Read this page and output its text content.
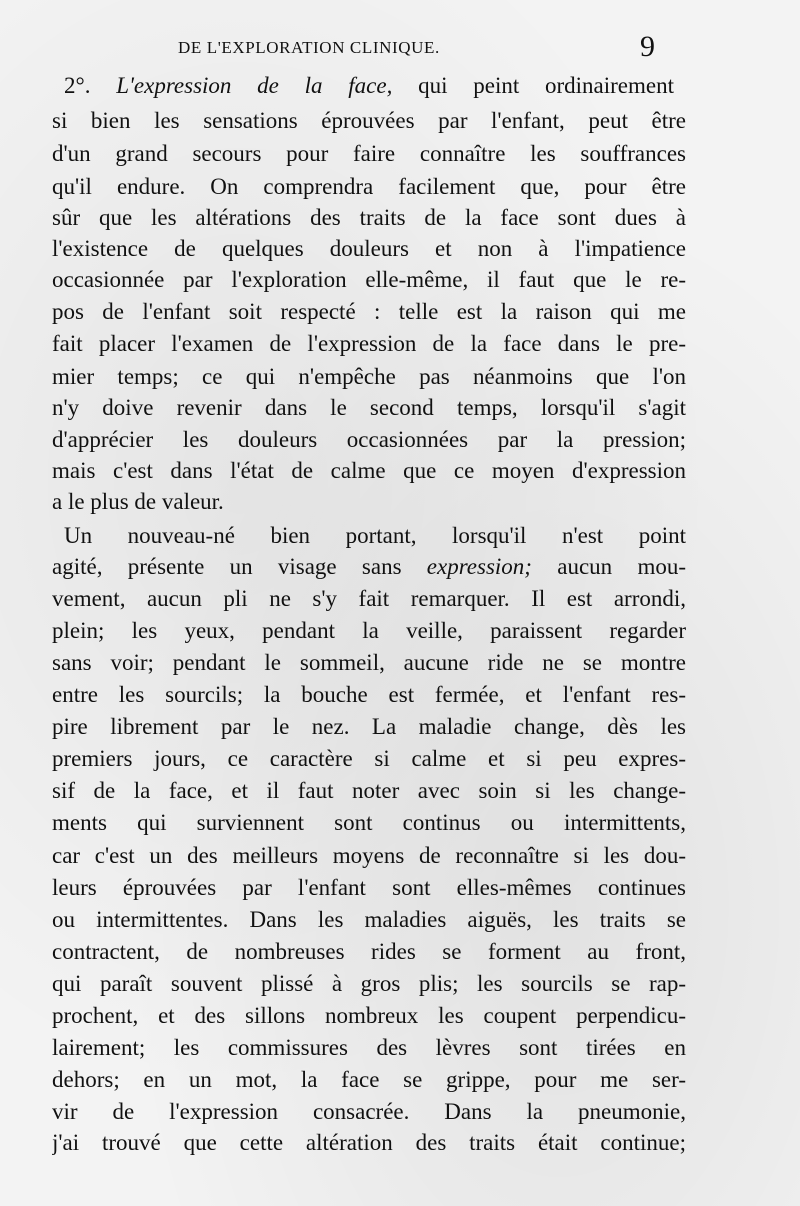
DE L'EXPLORATION CLINIQUE.	9
2°. L'expression de la face, qui peint ordinairement
si bien les sensations éprouvées par l'enfant, peut être
d'un grand secours pour faire connaître les souffrances
qu'il endure. On comprendra facilement que, pour être
sûr que les altérations des traits de la face sont dues à
l'existence de quelques douleurs et non à l'impatience
occasionnée par l'exploration elle-même, il faut que le re-
pos de l'enfant soit respecté : telle est la raison qui me
fait placer l'examen de l'expression de la face dans le pre-
mier temps; ce qui n'empêche pas néanmoins que l'on
n'y doive revenir dans le second temps, lorsqu'il s'agit
d'apprécier les douleurs occasionnées par la pression;
mais c'est dans l'état de calme que ce moyen d'expression
a le plus de valeur.
Un nouveau-né bien portant, lorsqu'il n'est point
agité, présente un visage sans expression; aucun mou-
vement, aucun pli ne s'y fait remarquer. Il est arrondi,
plein; les yeux, pendant la veille, paraissent regarder
sans voir; pendant le sommeil, aucune ride ne se montre
entre les sourcils; la bouche est fermée, et l'enfant res-
pire librement par le nez. La maladie change, dès les
premiers jours, ce caractère si calme et si peu expres-
sif de la face, et il faut noter avec soin si les change-
ments qui surviennent sont continus ou intermittents,
car c'est un des meilleurs moyens de reconnaître si les dou-
leurs éprouvées par l'enfant sont elles-mêmes continues
ou intermittentes. Dans les maladies aiguës, les traits se
contractent, de nombreuses rides se forment au front,
qui paraît souvent plissé à gros plis; les sourcils se rap-
prochent, et des sillons nombreux les coupent perpendicu-
lairement; les commissures des lèvres sont tirées en
dehors; en un mot, la face se grippe, pour me ser-
vir de l'expression consacrée. Dans la pneumonie,
j'ai trouvé que cette altération des traits était continue;
